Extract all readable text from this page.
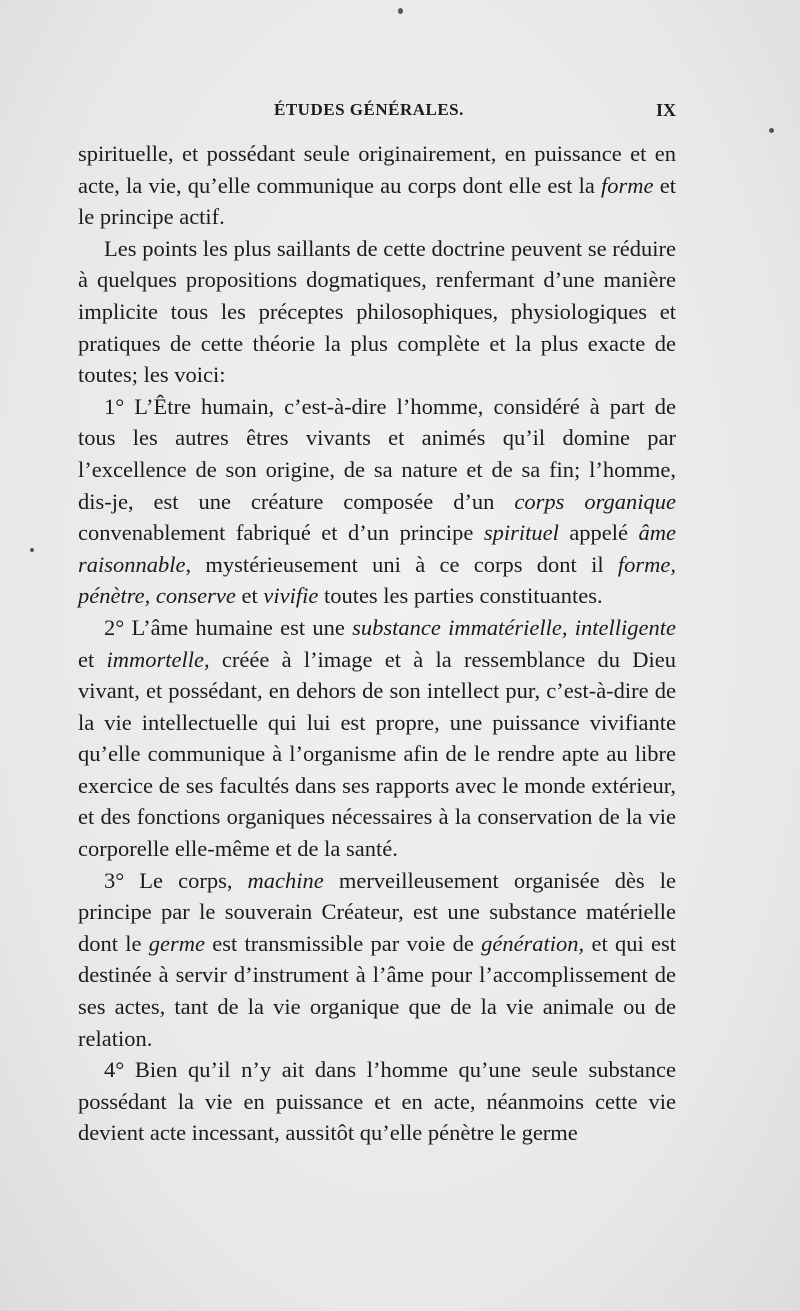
ÉTUDES GÉNÉRALES.	IX

spirituelle, et possédant seule originairement, en puissance et en acte, la vie, qu’elle communique au corps dont elle est la forme et le principe actif.

Les points les plus saillants de cette doctrine peuvent se réduire à quelques propositions dogmatiques, renfermant d’une manière implicite tous les préceptes philosophiques, physiologiques et pratiques de cette théorie la plus complète et la plus exacte de toutes; les voici:

1° L’Être humain, c’est-à-dire l’homme, considéré à part de tous les autres êtres vivants et animés qu’il domine par l’excellence de son origine, de sa nature et de sa fin; l’homme, dis-je, est une créature composée d’un corps organique convenablement fabriqué et d’un principe spirituel appelé âme raisonnable, mystérieusement uni à ce corps dont il forme, pénètre, conserve et vivifie toutes les parties constituantes.

2° L’âme humaine est une substance immatérielle, intelligente et immortelle, créée à l’image et à la ressemblance du Dieu vivant, et possédant, en dehors de son intellect pur, c’est-à-dire de la vie intellectuelle qui lui est propre, une puissance vivifiante qu’elle communique à l’organisme afin de le rendre apte au libre exercice de ses facultés dans ses rapports avec le monde extérieur, et des fonctions organiques nécessaires à la conservation de la vie corporelle elle-même et de la santé.

3° Le corps, machine merveilleusement organisée dès le principe par le souverain Créateur, est une substance matérielle dont le germe est transmissible par voie de génération, et qui est destinée à servir d’instrument à l’âme pour l’accomplissement de ses actes, tant de la vie organique que de la vie animale ou de relation.

4° Bien qu’il n’y ait dans l’homme qu’une seule substance possédant la vie en puissance et en acte, néanmoins cette vie devient acte incessant, aussitôt qu’elle pénètre le germe
